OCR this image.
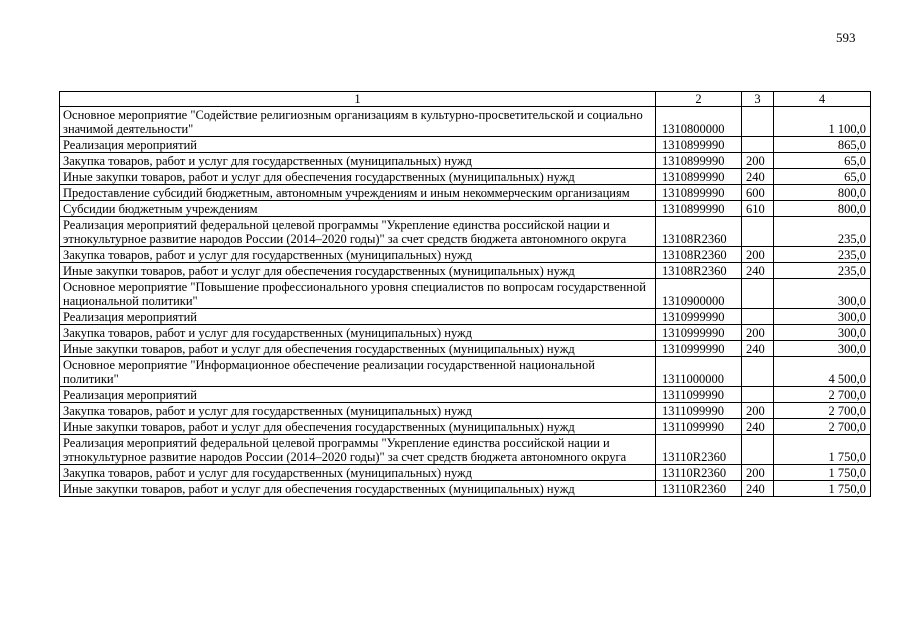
593
1	2	3	4
Основное мероприятие "Содействие религиозным организациям в культурно-просветительской и социально значимой деятельности"	1310800000		1 100,0
Реализация мероприятий	1310899990		865,0
Закупка товаров, работ и услуг для государственных (муниципальных) нужд	1310899990	200	65,0
Иные закупки товаров, работ и услуг для обеспечения государственных (муниципальных) нужд	1310899990	240	65,0
Предоставление субсидий бюджетным, автономным учреждениям и иным некоммерческим организациям	1310899990	600	800,0
Субсидии бюджетным учреждениям	1310899990	610	800,0
Реализация мероприятий федеральной целевой программы "Укрепление единства российской нации и этнокультурное развитие народов России (2014–2020 годы)" за счет средств бюджета автономного округа	13108R2360		235,0
Закупка товаров, работ и услуг для государственных (муниципальных) нужд	13108R2360	200	235,0
Иные закупки товаров, работ и услуг для обеспечения государственных (муниципальных) нужд	13108R2360	240	235,0
Основное мероприятие "Повышение профессионального уровня специалистов по вопросам государственной национальной политики"	1310900000		300,0
Реализация мероприятий	1310999990		300,0
Закупка товаров, работ и услуг для государственных (муниципальных) нужд	1310999990	200	300,0
Иные закупки товаров, работ и услуг для обеспечения государственных (муниципальных) нужд	1310999990	240	300,0
Основное мероприятие "Информационное обеспечение реализации государственной национальной политики"	1311000000		4 500,0
Реализация мероприятий	1311099990		2 700,0
Закупка товаров, работ и услуг для государственных (муниципальных) нужд	1311099990	200	2 700,0
Иные закупки товаров, работ и услуг для обеспечения государственных (муниципальных) нужд	1311099990	240	2 700,0
Реализация мероприятий федеральной целевой программы "Укрепление единства российской нации и этнокультурное развитие народов России (2014–2020 годы)" за счет средств бюджета автономного округа	13110R2360		1 750,0
Закупка товаров, работ и услуг для государственных (муниципальных) нужд	13110R2360	200	1 750,0
Иные закупки товаров, работ и услуг для обеспечения государственных (муниципальных) нужд	13110R2360	240	1 750,0
